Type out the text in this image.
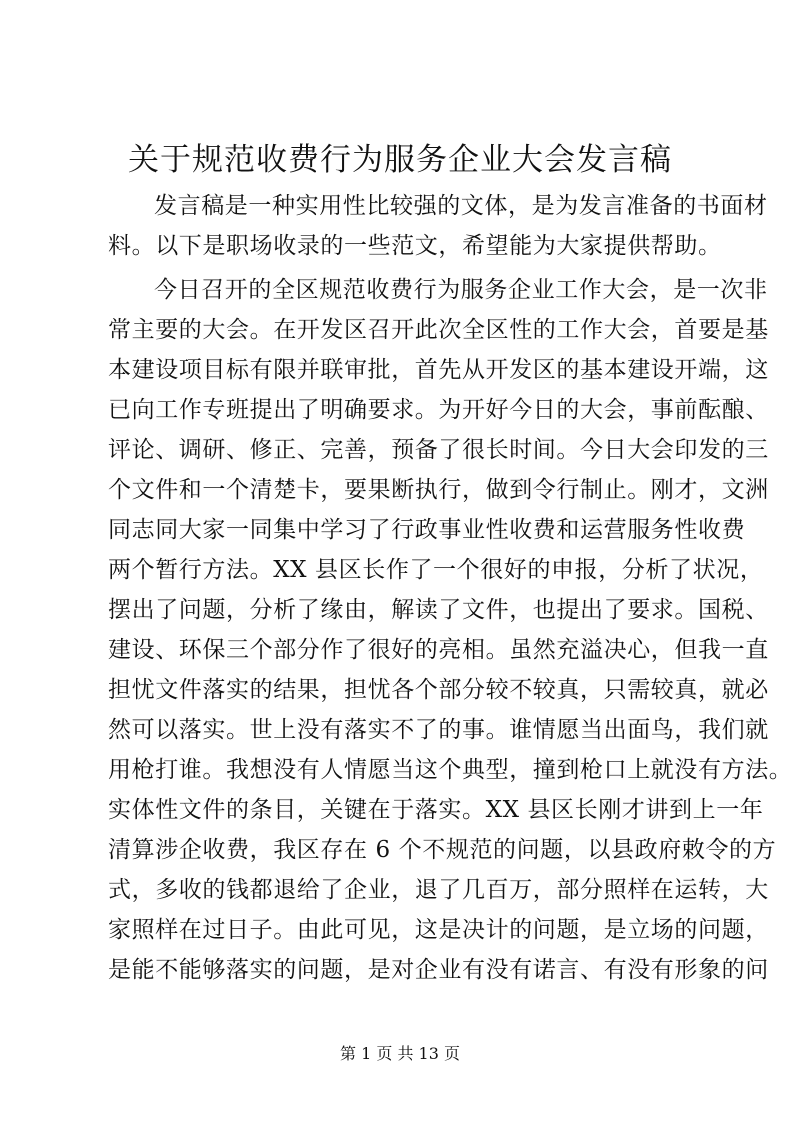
关于规范收费行为服务企业大会发言稿
发言稿是一种实用性比较强的文体，是为发言准备的书面材
料。以下是职场收录的一些范文，希望能为大家提供帮助。
今日召开的全区规范收费行为服务企业工作大会，是一次非
常主要的大会。在开发区召开此次全区性的工作大会，首要是基
本建设项目标有限并联审批，首先从开发区的基本建设开端，这
已向工作专班提出了明确要求。为开好今日的大会，事前酝酿、
评论、调研、修正、完善，预备了很长时间。今日大会印发的三
个文件和一个清楚卡，要果断执行，做到令行制止。刚才，文洲
同志同大家一同集中学习了行政事业性收费和运营服务性收费
两个暂行方法。XX 县区长作了一个很好的申报，分析了状况，
摆出了问题，分析了缘由，解读了文件，也提出了要求。国税、
建设、环保三个部分作了很好的亮相。虽然充溢决心，但我一直
担忧文件落实的结果，担忧各个部分较不较真，只需较真，就必
然可以落实。世上没有落实不了的事。谁情愿当出面鸟，我们就
用枪打谁。我想没有人情愿当这个典型，撞到枪口上就没有方法。
实体性文件的条目，关键在于落实。XX 县区长刚才讲到上一年
清算涉企收费，我区存在 6 个不规范的问题，以县政府敕令的方
式，多收的钱都退给了企业，退了几百万，部分照样在运转，大
家照样在过日子。由此可见，这是决计的问题，是立场的问题，
是能不能够落实的问题，是对企业有没有诺言、有没有形象的问
第 1 页 共 13 页
